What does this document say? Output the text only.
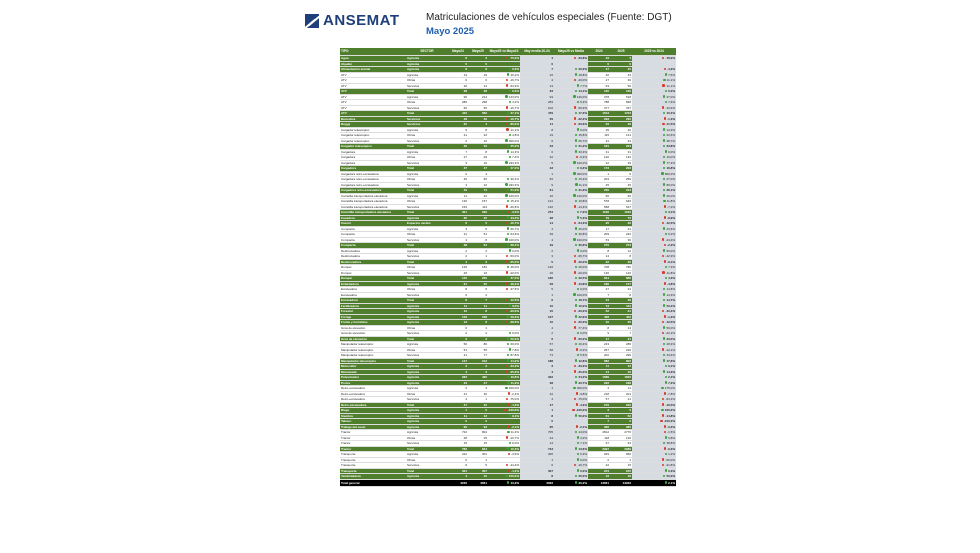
ANSEMAT	Matriculaciones de vehículos especiales (Fuente: DGT)
Mayo 2025
TIPO	SECTOR	Mayo24	Mayo25	Mayo25 vs Mayo24	May media 20-24	Mayo25 vs Media	2024	2025	2025 vs 2024
Agua	Agrícola	8	3	-75,0%	4	-33,8%	19	4	-78,9%
Alquiler	Agrícola	0	0		0		0	0	
Alimentación animal	Agrícola	8	8	0,0%	7	20,0%	47	45	-4,3%
ATV	Agrícola	13	19	46,2%	16	18,8%	40	43	7,5%
ATV	Obras	0	0	-16,7%	4	-20,0%	27	30	11,1%
ATV	Servicios	30	14	-53,3%	13	7,7%	63	56	-11,1%
ATV	Total	38	38	0,0%	33	14,1%	130	130	0,0%
ATV	Agrícola	96	214	123,0%	93	130,0%	378	518	37,0%
ATV	Obras	286	298	4,2%	283	5,3%	788	848	7,6%
ATV	Servicios	60	50	-16,7%	102	-50,9%	377	337	-10,6%
ATV	Total	442	562	27,1%	479	17,3%	1543	1703	10,4%
Barredora	Servicios	48	40	-16,7%	59	-32,2%	233	230	-1,3%
Buggy	Servicios	20	4	-80,0%	11	-63,6%	52	46	-11,5%
Cargador telescópico	Agrícola	9	8	-11,1%	8	0,0%	35	40	14,3%
Cargador telescópico	Obras	21	22	4,8%	19	15,8%	115	141	22,6%
Cargador telescópico	Servicios	2	10	400,0%	6	66,7%	31	43	38,7%
Cargador telescópico	Total	32	40	25,0%	33	21,2%	181	224	23,8%
Cargadora	Agrícola	7	8	14,3%	6	33,3%	31	31	0,0%
Cargadora	Obras	27	29	7,4%	32	-9,4%	120	132	10,0%
Cargadora	Servicios	3	10	233,3%	5	100,0%	22	39	77,3%
Cargadora	Total	37	47	27,0%	43	9,3%	173	202	16,8%
Cargadora retro-excavadora	Agrícola	0	4		1	300,0%	1	9	800,0%
Cargadora retro-excavadora	Obras	46	60	30,4%	52	15,4%	204	259	27,0%
Cargadora retro-excavadora	Servicios	3	10	233,3%	9	11,1%	25	45	80,0%
Cargadora retro-excavadora	Total	49	74	51,0%	61	21,3%	230	313	36,1%
Carretilla transportadora elevadora	Agrícola	11	22	100,0%	10	120,0%	50	60	20,0%
Carretilla transportadora elevadora	Obras	136	157	15,4%	131	19,8%	578	646	11,8%
Carretilla transportadora elevadora	Servicios	154	113	-26,6%	132	-14,4%	568	527	-7,2%
Carretilla transportadora elevadora	Total	301	292	-3,0%	273	7,0%	1196	1233	3,1%
Cavadora	Agrícola	30	40	33,3%	38	5,3%	79	72	-8,9%
Cazoni	Espacios verdes	6	5	-16,7%	14	-64,3%	25	22	-12,0%
Compacta	Agrícola	3	5	66,7%	4	25,0%	17	21	23,5%
Compacta	Obras	31	51	64,5%	39	30,8%	209	222	6,2%
Compacta	Servicios	4	8	100,0%	4	100,0%	53	30	-43,4%
Compacta	Total	38	64	68,4%	49	30,6%	279	273	-2,2%
Desbrozadora	Agrícola	2	2	0,0%	2	0,0%	8	12	50,0%
Desbrozadora	Servicios	2	1	-50,0%	3	-66,7%	14	8	-42,9%
Desbrozadora	Total	4	3	-25,0%	5	-40,0%	22	20	-9,1%
Dumper	Obras	126	184	46,0%	146	26,0%	708	760	7,3%
Dumper	Servicios	20	16	-20,0%	20	-20,0%	136	120	-11,8%
Dumper	Total	146	200	37,0%	166	20,5%	844	880	4,3%
Enfardadora	Agrícola	31	25	-19,4%	29	-13,8%	186	177	-4,8%
Excavadora	Obras	8	5	-37,5%	5	0,0%	27	31	14,8%
Excavadora	Servicios	0	2		1	100,0%	7	8	14,3%
Excavadora	Total	8	7	-12,5%	6	16,7%	34	39	14,7%
Fertilizadora	Agrícola	11	11	0,0%	10	10,0%	73	112	53,4%
Forestal	Agrícola	10	8	-20,0%	10	-20,0%	52	31	-40,4%
Forraje	Agrícola	133	168	26,3%	137	22,6%	458	452	-1,3%
Frutas y hortalizas	Agrícola	13	8	-38,5%	10	-20,0%	40	35	-12,5%
Grúa de elevación	Obras	0	1		4	-77,4%	8	14	50,0%
Grúa de elevación	Servicios	2	2	0,0%	2	0,0%	9	7	-22,2%
Grúa de elevación	Total	2	3	50,0%	6	-50,0%	17	21	23,5%
Manipulador telescópico	Agrícola	50	80	60,0%	57	40,4%	223	286	28,3%
Manipulador telescópico	Obras	51	55	7,8%	58	-5,2%	257	226	-12,1%
Manipulador telescópico	Servicios	41	77	87,8%	73	5,5%	202	290	43,6%
Manipulador telescópico	Total	147	212	44,2%	188	12,8%	682	802	17,6%
Motocultor	Agrícola	3	2	-33,3%	3	-33,3%	11	12	9,1%
Motoazada	Agrícola	4	3	-25,0%	4	-25,0%	14	16	14,3%
Pulverizador	Agrícola	284	400	40,8%	322	24,2%	1589	1622	2,1%
Portes	Agrícola	42	47	11,9%	38	23,7%	222	238	7,2%
Retro-excavadora	Agrícola	2	4	100,0%	1	300,0%	4	11	175,0%
Retro-excavadora	Obras	41	40	-2,4%	42	-4,8%	218	201	-7,8%
Retro-excavadora	Servicios	4	1	-75,0%	4	-75,0%	57	21	-63,2%
Retro-excavadora	Total	47	45	-4,3%	47	-4,3%	279	233	-16,5%
Riego	Agrícola	1	0	-100,0%	1	-100,0%	3	6	100,0%
Siembra	Agrícola	11	12	9,1%	8	50,0%	61	52	-14,8%
Tabaco	Agrícola	0	0		0		7	0	-100,0%
Trabajo del suelo	Agrícola	95	93	-2,1%	95	-2,1%	366	365	-0,3%
Tractor	Agrícola	722	804	11,4%	705	14,0%	2812	2770	-1,5%
Tractor	Obras	28	25	-10,7%	24	4,2%	118	126	6,8%
Tractor	Servicios	15	15	0,0%	14	7,1%	67	93	38,8%
Tractor	Total	765	844	10,3%	743	13,6%	2997	2989	-0,3%
Transporte	Agrícola	312	301	-3,5%	300	0,3%	949	960	1,2%
Transporte	Obras	0	1		1	0,0%	2	1	-50,0%
Transporte	Servicios	9	5	-44,4%	6	-16,7%	22	15	-31,8%
Transporte	Total	321	307	-4,4%	307	0,0%	973	976	0,3%
Vendimiadora	Agrícola	4	10	150,0%	8	25,0%	12	18	50,0%
Total general		3232	3661	13,3%	3062	20,2%	13661	13946	2,1%
